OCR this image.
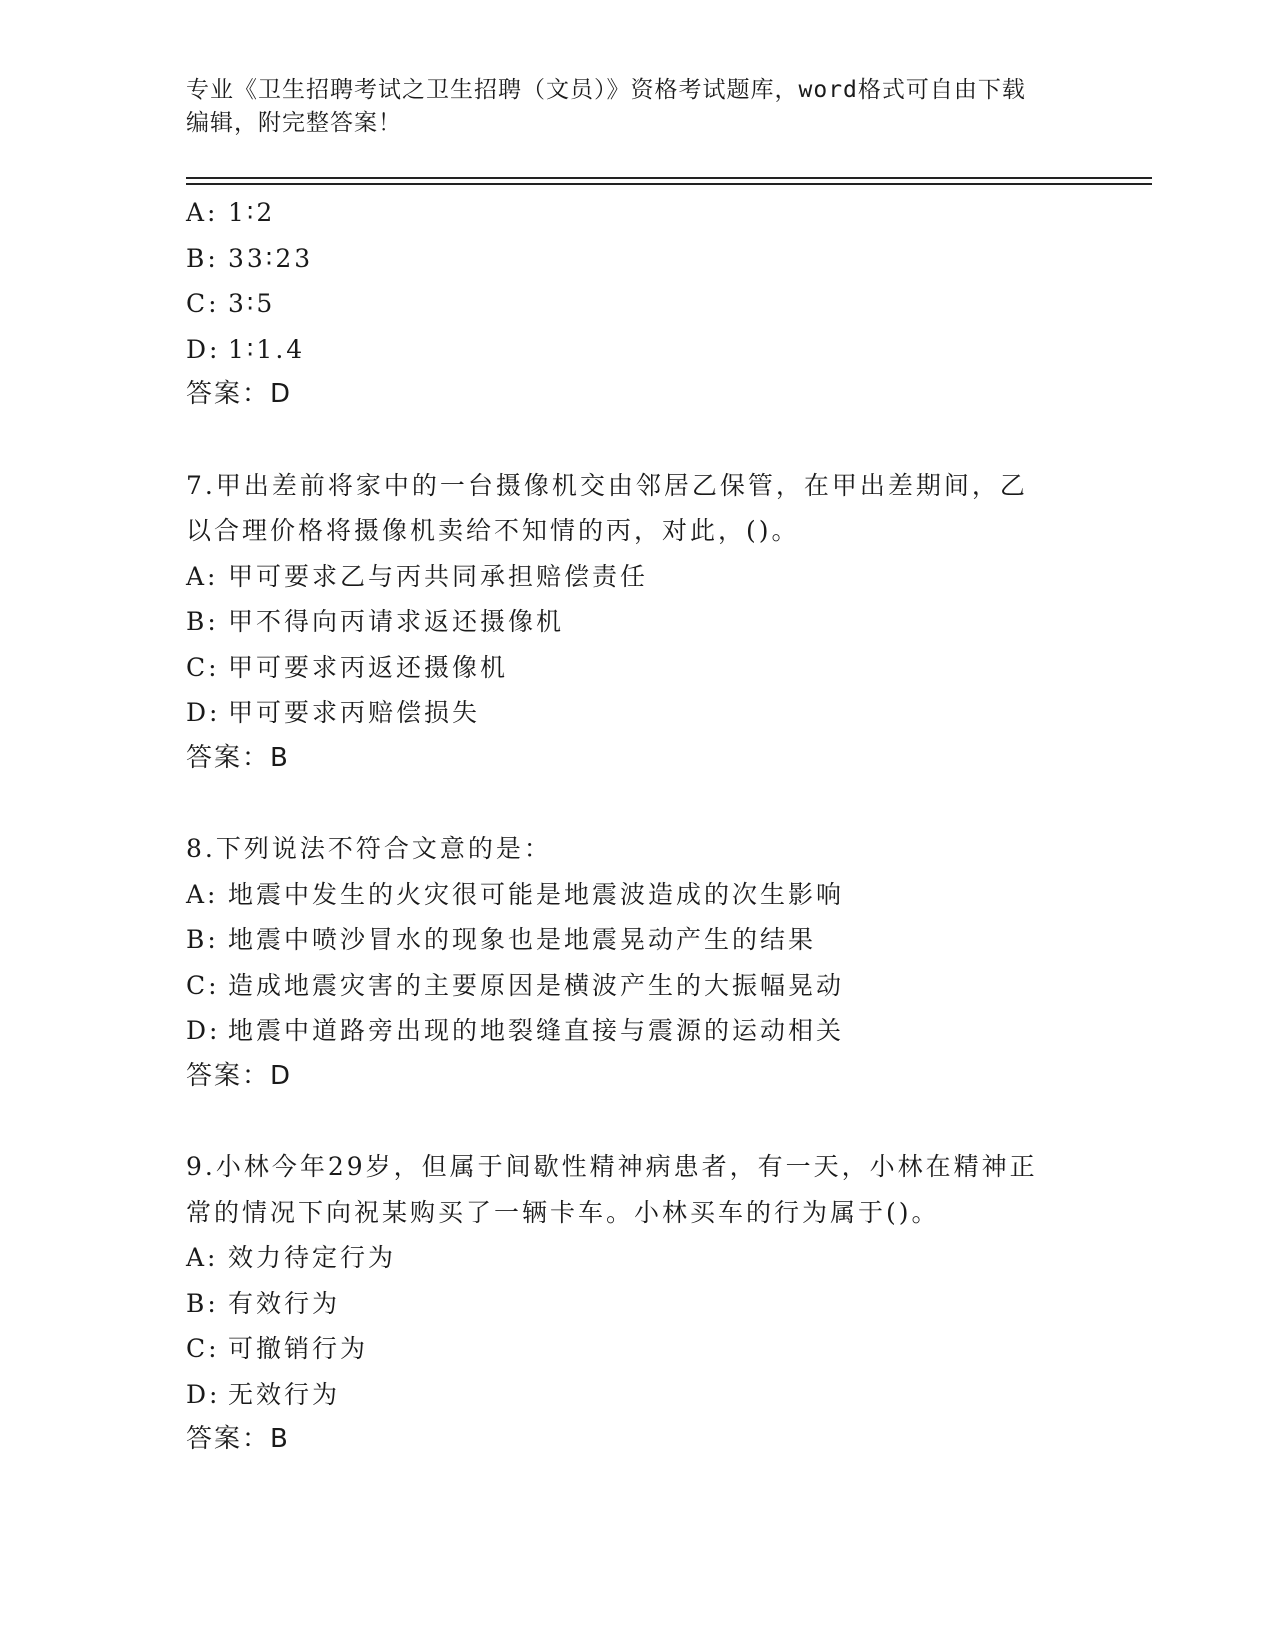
专业《卫生招聘考试之卫生招聘（文员）》资格考试题库，word格式可自由下载
编辑，附完整答案！
A: 1∶2
B: 33∶23
C: 3∶5
D: 1∶1.4
答案：D
7.甲出差前将家中的一台摄像机交由邻居乙保管，在甲出差期间，乙
以合理价格将摄像机卖给不知情的丙，对此，()。
A: 甲可要求乙与丙共同承担赔偿责任
B: 甲不得向丙请求返还摄像机
C: 甲可要求丙返还摄像机
D: 甲可要求丙赔偿损失
答案：B
8.下列说法不符合文意的是：
A: 地震中发生的火灾很可能是地震波造成的次生影响
B: 地震中喷沙冒水的现象也是地震晃动产生的结果
C: 造成地震灾害的主要原因是横波产生的大振幅晃动
D: 地震中道路旁出现的地裂缝直接与震源的运动相关
答案：D
9.小林今年29岁，但属于间歇性精神病患者，有一天，小林在精神正
常的情况下向祝某购买了一辆卡车。小林买车的行为属于()。
A: 效力待定行为
B: 有效行为
C: 可撤销行为
D: 无效行为
答案：B
